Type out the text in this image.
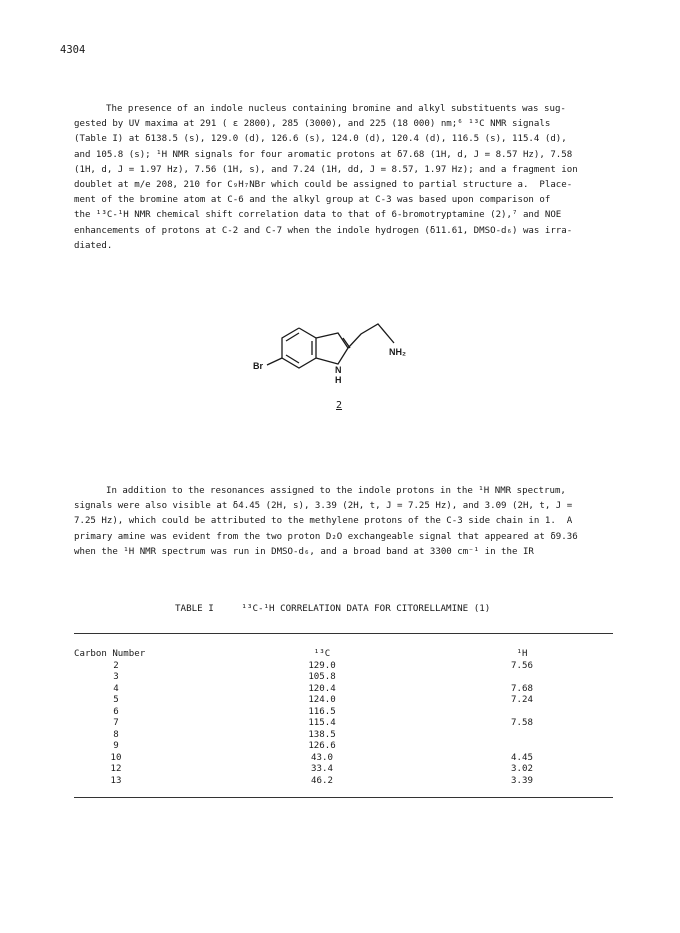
4304

The presence of an indole nucleus containing bromine and alkyl substituents was sug-
gested by UV maxima at 291 ( ε 2800), 285 (3000), and 225 (18 000) nm;⁶ ¹³C NMR signals
(Table I) at δ138.5 (s), 129.0 (d), 126.6 (s), 124.0 (d), 120.4 (d), 116.5 (s), 115.4 (d),
and 105.8 (s); ¹H NMR signals for four aromatic protons at δ7.68 (1H, d, J = 8.57 Hz), 7.58
(1H, d, J = 1.97 Hz), 7.56 (1H, s), and 7.24 (1H, dd, J = 8.57, 1.97 Hz); and a fragment ion
doublet at m/e 208, 210 for C₉H₇NBr which could be assigned to partial structure a.  Place-
ment of the bromine atom at C-6 and the alkyl group at C-3 was based upon comparison of
the ¹³C-¹H NMR chemical shift correlation data to that of 6-bromotryptamine (2),⁷ and NOE
enhancements of protons at C-2 and C-7 when the indole hydrogen (δ11.61, DMSO-d₆) was irra-
diated.

Br
NH₂
N
H
2

In addition to the resonances assigned to the indole protons in the ¹H NMR spectrum,
signals were also visible at δ4.45 (2H, s), 3.39 (2H, t, J = 7.25 Hz), and 3.09 (2H, t, J =
7.25 Hz), which could be attributed to the methylene protons of the C-3 side chain in 1.  A
primary amine was evident from the two proton D₂O exchangeable signal that appeared at δ9.36
when the ¹H NMR spectrum was run in DMSO-d₆, and a broad band at 3300 cm⁻¹ in the IR

TABLE I     ¹³C-¹H CORRELATION DATA FOR CITORELLAMINE (1)
Carbon Number	¹³C	¹H
2	129.0	7.56
3	105.8
4	120.4	7.68
5	124.0	7.24
6	116.5
7	115.4	7.58
8	138.5
9	126.6
10	43.0	4.45
12	33.4	3.02
13	46.2	3.39
